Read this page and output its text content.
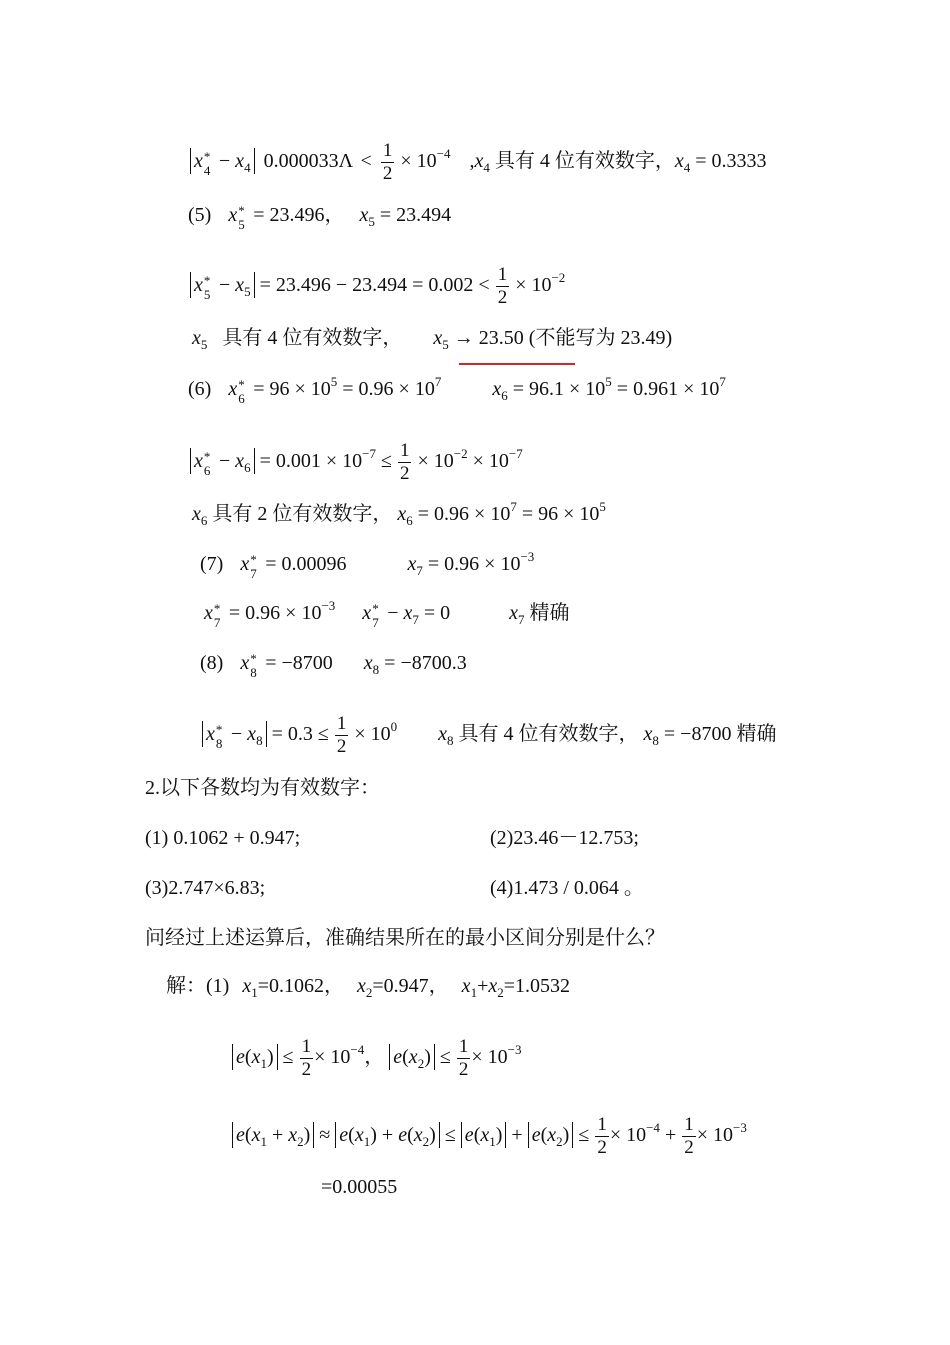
x *
$4 - x_4$ $0.000033\Lambda < \frac{1}{2} \times 10^{-4}$ $,x_4$ 具有 4 位有效数字，$x_4 = 0.3333$
(5) x *
5 = 23.496， $x_5 = 23.494$
x *
$5 - x_5 = 23.496 - 23.494 = 0.002 < \frac{1}{2} \times 10^{-2}$
$x_5$ 具有 4 位有效数字， $x_5 \to 23.50$ (不能写为 23.49)
(6) x *
$6 = 96 \times 10^5 = 0.96 \times 10^7$	$x_6 = 96.1 \times 10^5 = 0.961 \times 10^7$
x *
$6 - x_6 = 0.001 \times 10^{-7} \le \frac{1}{2} \times 10^{-2} \times 10^{-7}$
$x_6$ 具有 2 位有效数字， $x_6 = 0.96 \times 10^7 = 96 \times 10^5$
(7) x *
7 = 0.00096	$x_7 = 0.96 \times 10^{-3}$
x *
$7 = 0.96 \times 10^{-3}$ x *
$7 - x_7 = 0$	$x_7$ 精确
(8) x *
8 = −8700 $x_8 = -8700.3$
x *
$8 - x_8 = 0.3 \le \frac{1}{2} \times 10^0$ $x_8$ 具有 4 位有效数字， $x_8 = -8700$ 精确
2.以下各数均为有效数字：
(1) 0.1062 + 0.947;	(2)23.46－12.753;
(3)2.747×6.83;	(4)1.473 / 0.064 。
问经过上述运算后，准确结果所在的最小区间分别是什么？
解：(1) $x_1=0.1062$， $x_2=0.947$， $x_1+x_2=1.0532$
$e(x_1) \le \frac{1}{2} \times 10^{-4}$， $e(x_2) \le \frac{1}{2} \times 10^{-3}$
$e(x_1 + x_2) \approx e(x_1) + e(x_2) \le e(x_1) + e(x_2) \le \frac{1}{2} \times 10^{-4} + \frac{1}{2} \times 10^{-3}$
=0.00055
